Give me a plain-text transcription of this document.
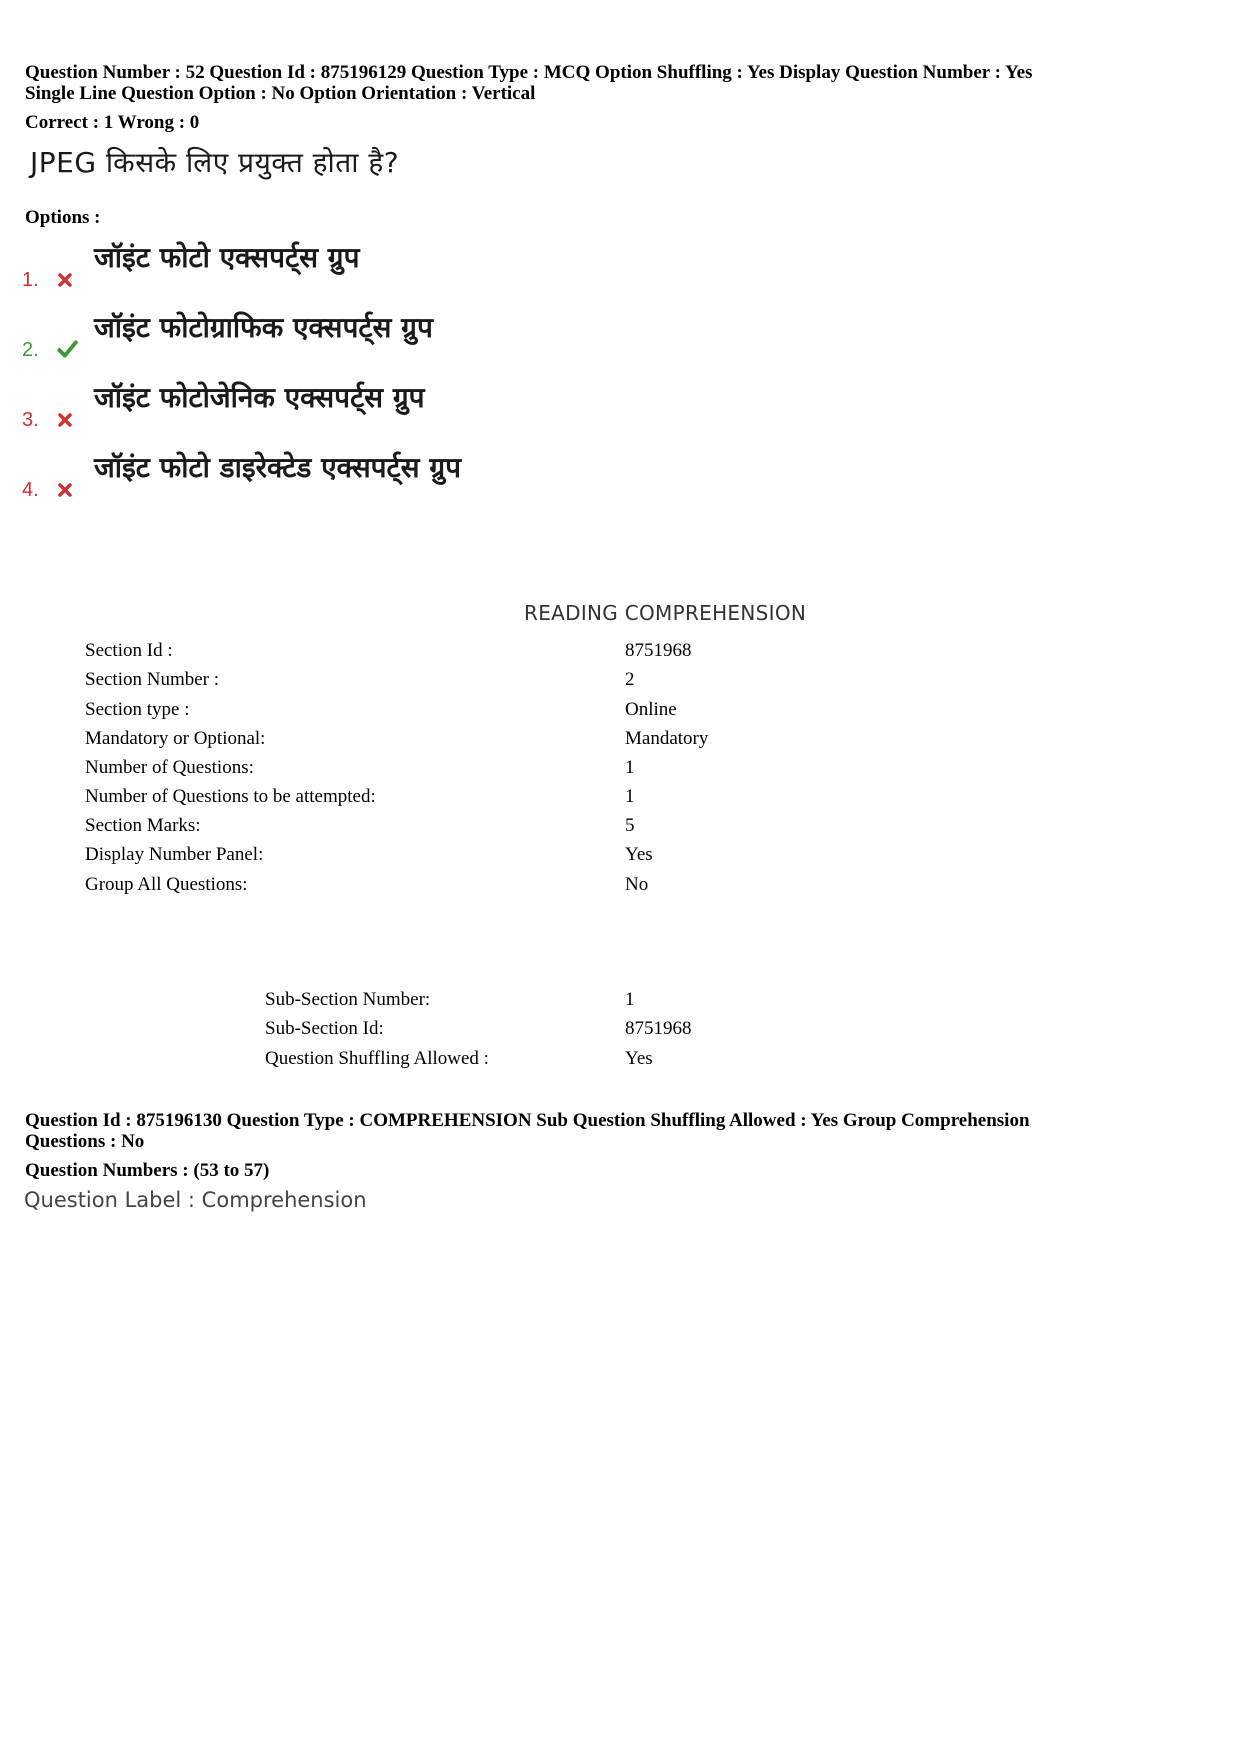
Question Number : 52 Question Id : 875196129 Question Type : MCQ Option Shuffling : Yes Display Question Number : Yes
Single Line Question Option : No Option Orientation : Vertical
Correct : 1 Wrong : 0
JPEG किसके लिए प्रयुक्त होता है?
Options :
1.
जॉइंट फोटो एक्सपर्ट्स ग्रुप
2.
जॉइंट फोटोग्राफिक एक्सपर्ट्स ग्रुप
3.
जॉइंट फोटोजेनिक एक्सपर्ट्स ग्रुप
4.
जॉइंट फोटो डाइरेक्टेड एक्सपर्ट्स ग्रुप
READING COMPREHENSION
Section Id :	8751968
Section Number :	2
Section type :	Online
Mandatory or Optional:	Mandatory
Number of Questions:	1
Number of Questions to be attempted:	1
Section Marks:	5
Display Number Panel:	Yes
Group All Questions:	No
Sub-Section Number:	1
Sub-Section Id:	8751968
Question Shuffling Allowed :	Yes
Question Id : 875196130 Question Type : COMPREHENSION Sub Question Shuffling Allowed : Yes Group Comprehension
Questions : No
Question Numbers : (53 to 57)
Question Label : Comprehension
